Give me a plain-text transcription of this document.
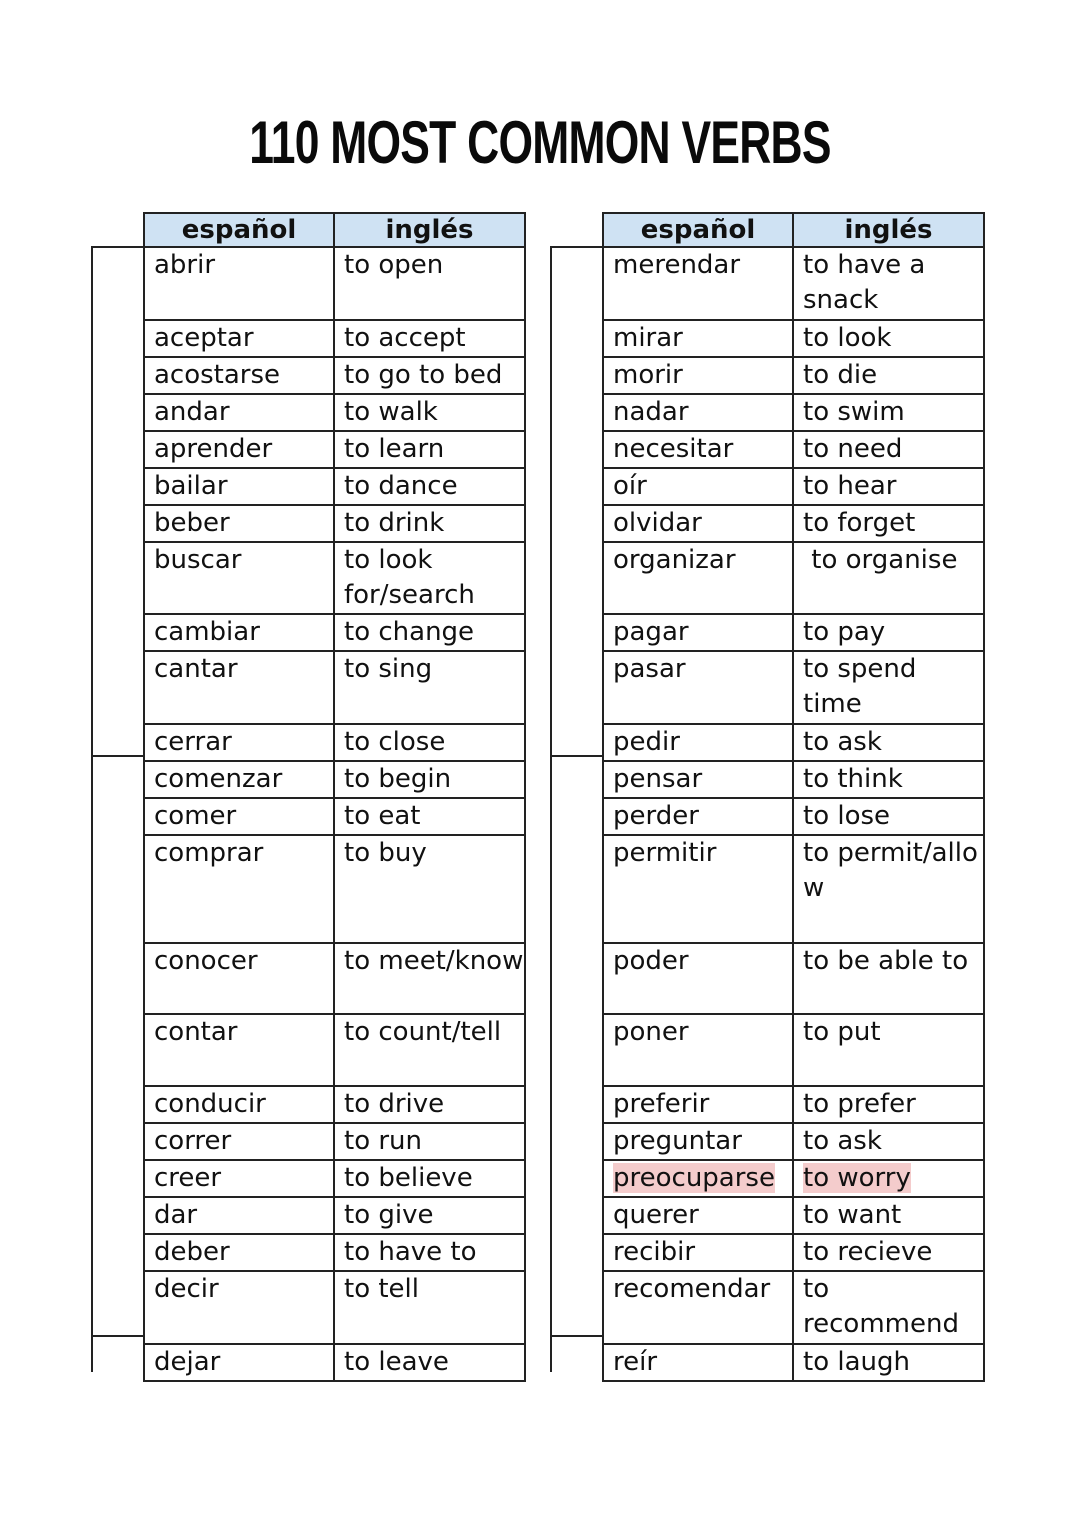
110 MOST COMMON VERBS
español	inglés
abrir	to open
aceptar	to accept
acostarse	to go to bed
andar	to walk
aprender	to learn
bailar	to dance
beber	to drink
buscar	to look for/search
cambiar	to change
cantar	to sing
cerrar	to close
comenzar	to begin
comer	to eat
comprar	to buy
conocer	to meet/know
contar	to count/tell
conducir	to drive
correr	to run
creer	to believe
dar	to give
deber	to have to
decir	to tell
dejar	to leave
español	inglés
merendar	to have a snack
mirar	to look
morir	to die
nadar	to swim
necesitar	to need
oír	to hear
olvidar	to forget
organizar	to organise
pagar	to pay
pasar	to spend time
pedir	to ask
pensar	to think
perder	to lose
permitir	to permit/allow
poder	to be able to
poner	to put
preferir	to prefer
preguntar	to ask
preocuparse	to worry
querer	to want
recibir	to recieve
recomendar	to recommend
reír	to laugh
